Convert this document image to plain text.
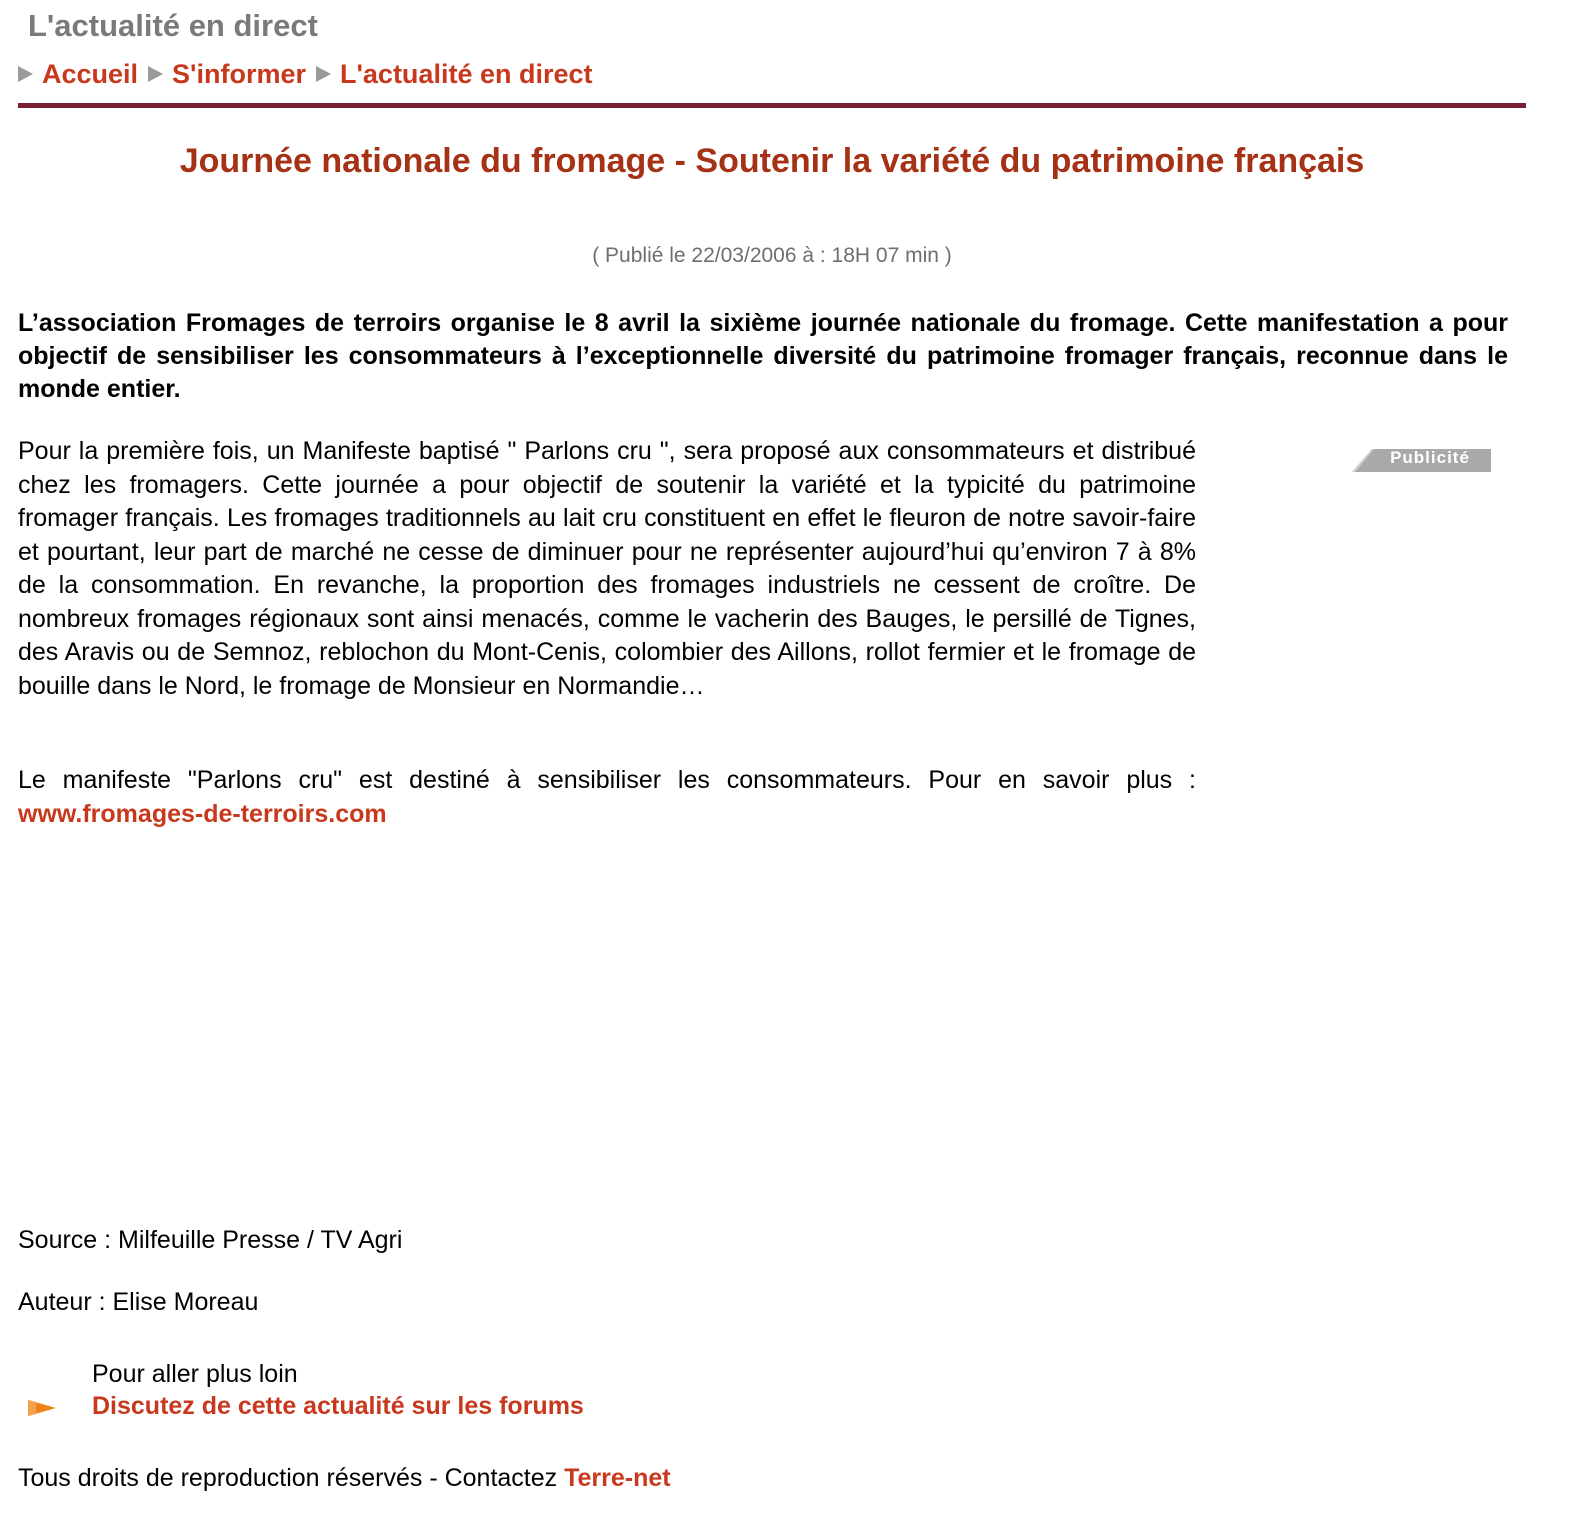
L'actualité en direct
Accueil S'informer L'actualité en direct
Journée nationale du fromage - Soutenir la variété du patrimoine français
( Publié le 22/03/2006 à : 18H 07 min )

L’association Fromages de terroirs organise le 8 avril la sixième journée nationale du fromage. Cette manifestation a pour objectif de sensibiliser les consommateurs à l’exceptionnelle diversité du patrimoine fromager français, reconnue dans le monde entier.

Pour la première fois, un Manifeste baptisé " Parlons cru ", sera proposé aux consommateurs et distribué chez les fromagers. Cette journée a pour objectif de soutenir la variété et la typicité du patrimoine fromager français. Les fromages traditionnels au lait cru constituent en effet le fleuron de notre savoir-faire et pourtant, leur part de marché ne cesse de diminuer pour ne représenter aujourd’hui qu’environ 7 à 8% de la consommation. En revanche, la proportion des fromages industriels ne cessent de croître. De nombreux fromages régionaux sont ainsi menacés, comme le vacherin des Bauges, le persillé de Tignes, des Aravis ou de Semnoz, reblochon du Mont-Cenis, colombier des Aillons, rollot fermier et le fromage de bouille dans le Nord, le fromage de Monsieur en Normandie…

Le manifeste "Parlons cru" est destiné à sensibiliser les consommateurs. Pour en savoir plus : www.fromages-de-terroirs.com

Publicité
Source : Milfeuille Presse / TV Agri
Auteur : Elise Moreau
Pour aller plus loin
Discutez de cette actualité sur les forums
Tous droits de reproduction réservés - Contactez Terre-net
